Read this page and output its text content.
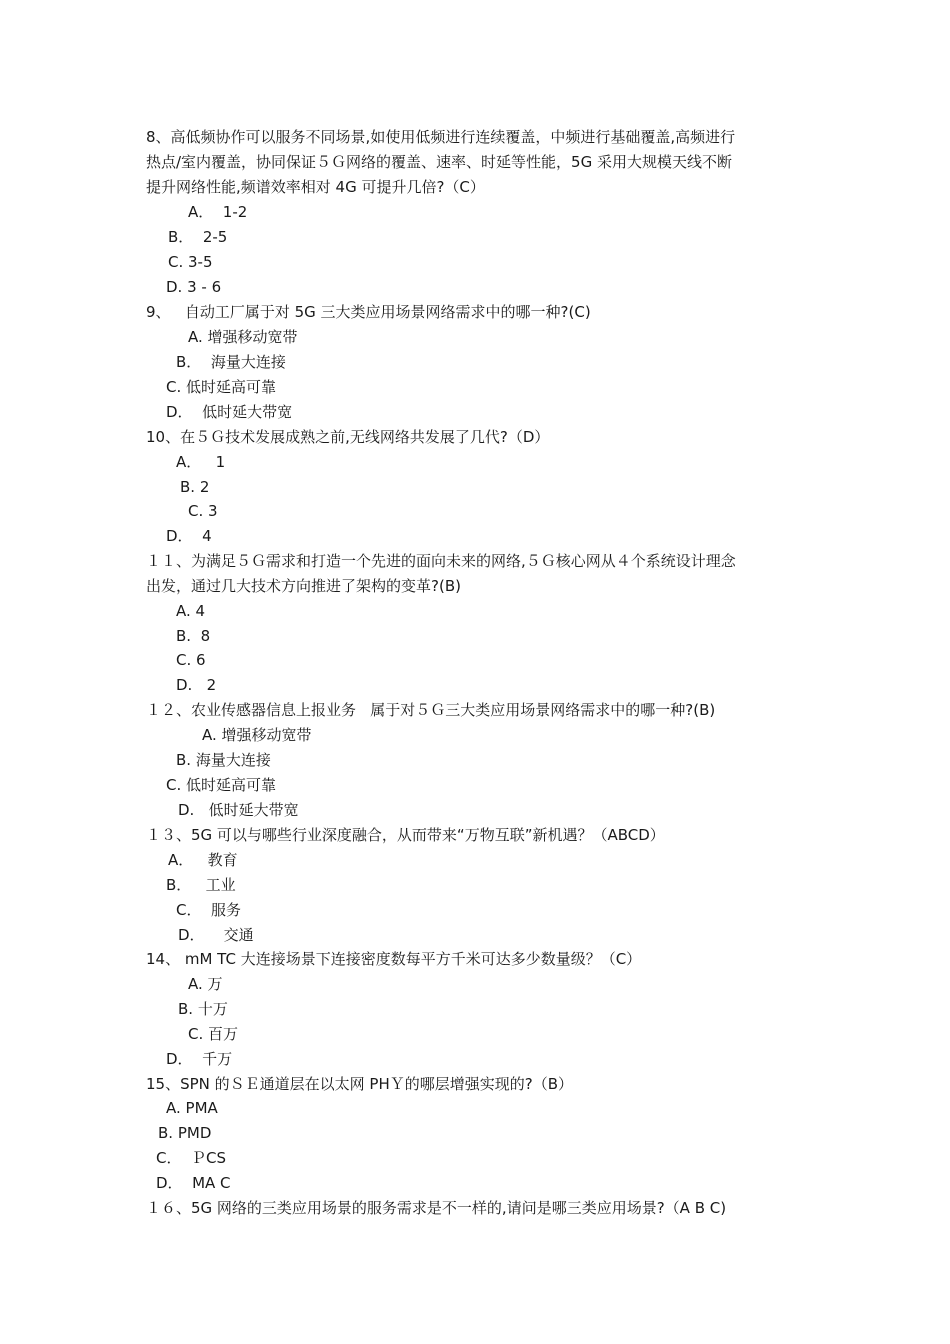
8、高低频协作可以服务不同场景,如使用低频进行连续覆盖，中频进行基础覆盖,高频进行
热点/室内覆盖，协同保证５Ｇ网络的覆盖、速率、时延等性能，5G 采用大规模天线不断
提升网络性能,频谱效率相对 4G 可提升几倍?（C）
A．  1-2
B．  2-5
C. 3-5
D. 3 - 6
9、   自动工厂属于对 5G 三大类应用场景网络需求中的哪一种?(C)
A. 增强移动宽带
B．  海量大连接
C. 低时延高可靠
D．  低时延大带宽
10、在５Ｇ技术发展成熟之前,无线网络共发展了几代?（D）
A．   1
B. 2
C. 3
D．  4
１１、为满足５Ｇ需求和打造一个先进的面向未来的网络,５Ｇ核心网从４个系统设计理念
出发，通过几大技术方向推进了架构的变革?(B)
A. 4
B.  8
C. 6
D.   2
１２、农业传感器信息上报业务   属于对５Ｇ三大类应用场景网络需求中的哪一种?(B)
A. 增强移动宽带
B. 海量大连接
C. 低时延高可靠
D.   低时延大带宽
１３、5G 可以与哪些行业深度融合，从而带来“万物互联”新机遇？（ABCD）
A．   教育
B．   工业
C．  服务
D．    交通
14、 mM TC 大连接场景下连接密度数每平方千米可达多少数量级？（C）
A. 万
B. 十万
C. 百万
D．  千万
15、SPN 的ＳＥ通道层在以太网 PHＹ的哪层增强实现的?（B）
A. PMA
B. PMD
C．  ＰCS
D．  MA C
１６、5G 网络的三类应用场景的服务需求是不一样的,请问是哪三类应用场景?（A B C)
